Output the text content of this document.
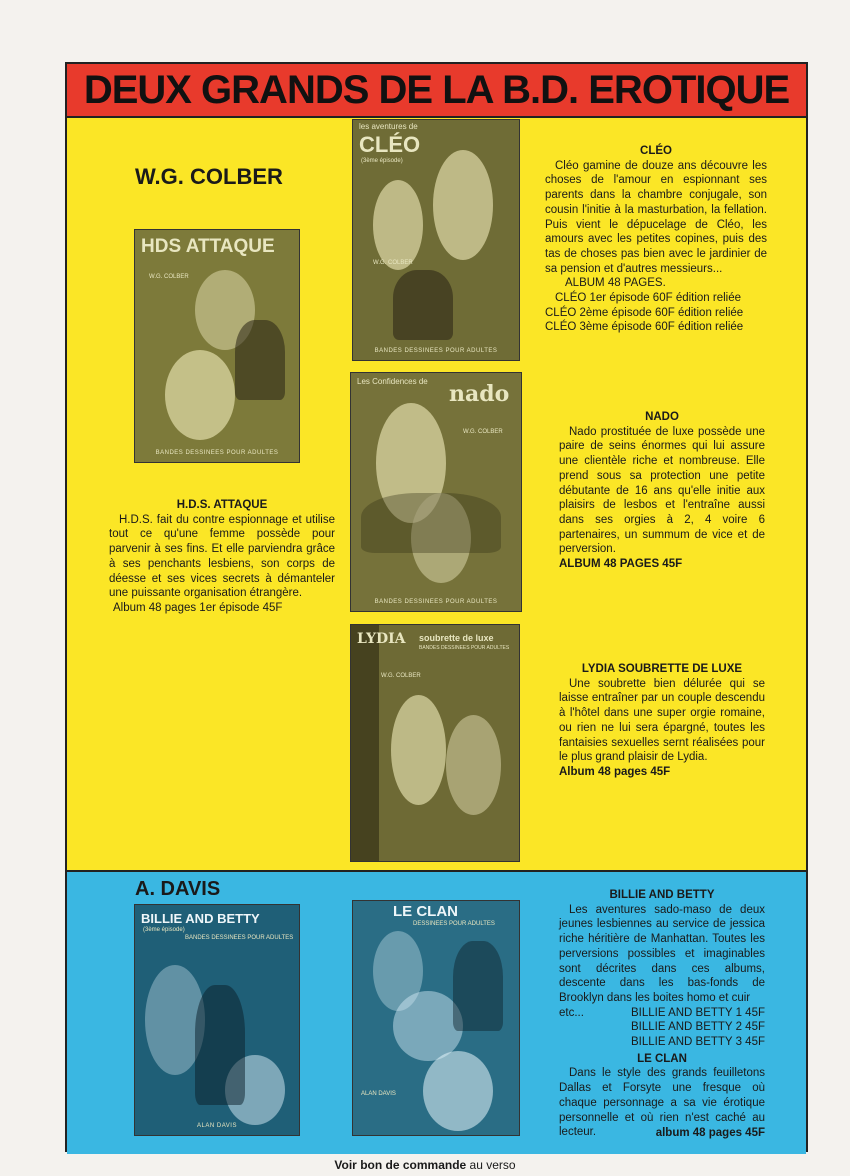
DEUX GRANDS DE LA B.D. EROTIQUE
W.G. COLBER
HDS ATTAQUE
W.G. COLBER
BANDES DESSINEES POUR ADULTES
H.D.S. ATTAQUE
H.D.S. fait du contre espionnage et utilise tout ce qu'une femme possède pour parvenir à ses fins. Et elle parviendra grâce à ses penchants lesbiens, son corps de déesse et ses vices secrets à démanteler une puissante organisation étrangère.
Album 48 pages 1er épisode 45F
les aventures de
CLÉO
(3ème épisode)
W.G. COLBER
BANDES DESSINEES POUR ADULTES
CLÉO
Cléo gamine de douze ans découvre les choses de l'amour en espionnant ses parents dans la chambre conjugale, son cousin l'initie à la masturbation, la fellation. Puis vient le dépucelage de Cléo, les amours avec les petites copines, puis des tas de choses pas bien avec le jardinier de sa pension et d'autres messieurs...
ALBUM 48 PAGES.
CLÉO 1er épisode 60F édition reliée
CLÉO 2ème épisode 60F édition reliée
CLÉO 3ème épisode 60F édition reliée
Les Confidences de nado
W.G. COLBER
BANDES DESSINEES POUR ADULTES
NADO
Nado prostituée de luxe possède une paire de seins énormes qui lui assure une clientèle riche et nombreuse. Elle prend sous sa protection une petite débutante de 16 ans qu'elle initie aux plaisirs de lesbos et l'entraîne aussi dans ses orgies à 2, 4 voire 6 partenaires, un summum de vice et de perversion.
ALBUM 48 PAGES 45F
LYDIA soubrette de luxe
BANDES DESSINEES POUR ADULTES
W.G. COLBER
LYDIA SOUBRETTE DE LUXE
Une soubrette bien délurée qui se laisse entraîner par un couple descendu à l'hôtel dans une super orgie romaine, ou rien ne lui sera épargné, toutes les fantaisies sexuelles sernt réalisées pour le plus grand plaisir de Lydia.
Album 48 pages 45F
A. DAVIS
BILLIE AND BETTY
(3ème épisode)
BANDES DESSINEES POUR ADULTES
ALAN DAVIS
LE CLAN
DESSINEES POUR ADULTES
ALAN DAVIS
BILLIE AND BETTY
Les aventures sado-maso de deux jeunes lesbiennes au service de jessica riche héritière de Manhattan. Toutes les perversions possibles et imaginables sont décrites dans ces albums, descente dans les bas-fonds de Brooklyn dans les boites homo et cuir
etc...	BILLIE AND BETTY 1 45F
BILLIE AND BETTY 2 45F
BILLIE AND BETTY 3 45F
LE CLAN
Dans le style des grands feuilletons Dallas et Forsyte une fresque où chaque personnage a sa vie érotique personnelle et où rien n'est caché au lecteur.	album 48 pages 45F
Voir bon de commande au verso
